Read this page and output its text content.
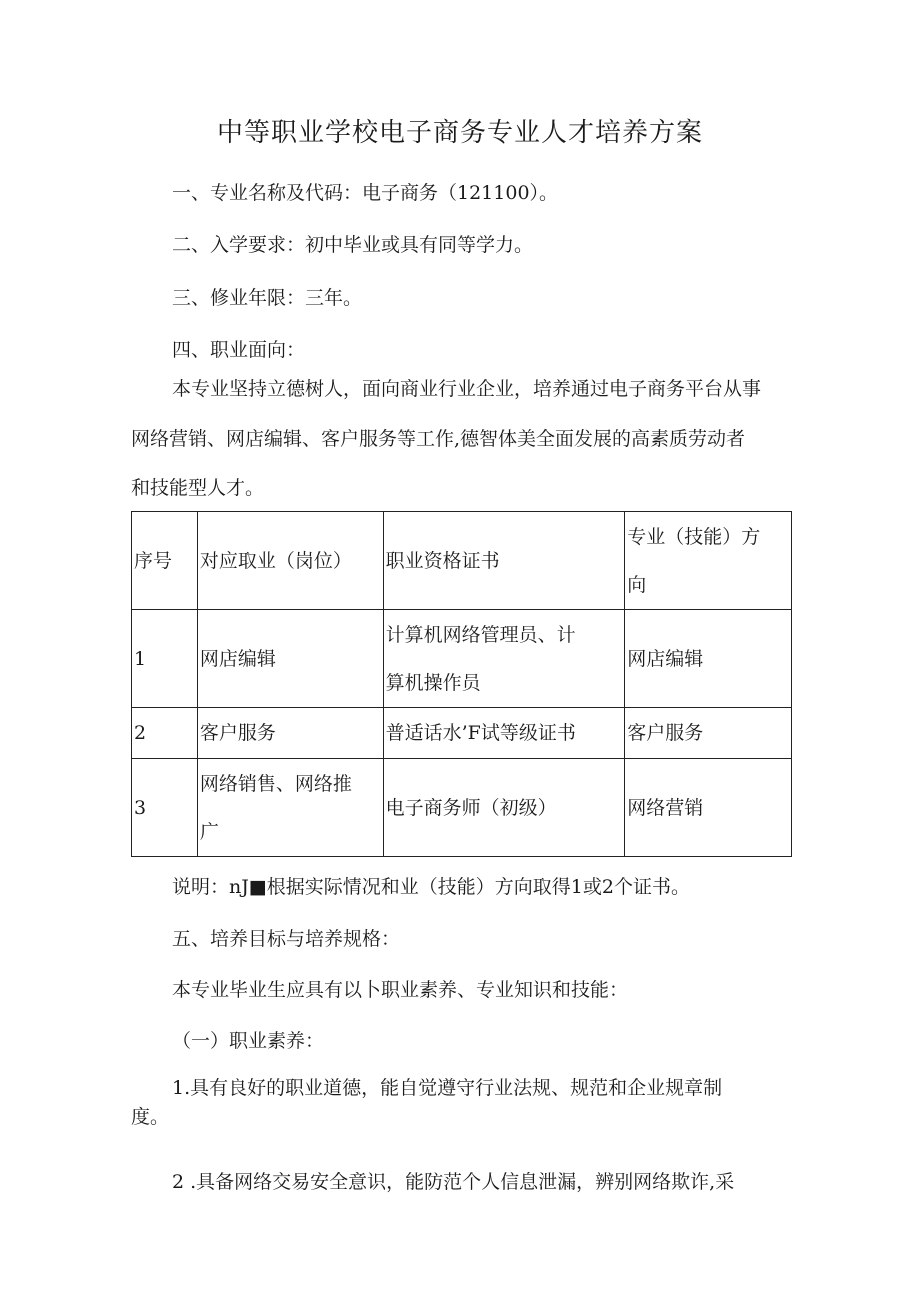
中等职业学校电子商务专业人才培养方案
一、专业名称及代码：电子商务（121100）。
二、入学要求：初中毕业或具有同等学力。
三、修业年限：三年。
四、职业面向：
本专业坚持立德树人，面向商业行业企业，培养通过电子商务平台从事
网络营销、网店编辑、客户服务等工作,德智体美全面发展的高素质劳动者
和技能型人才。
序号	对应取业（岗位）	职业资格证书	专业（技能）方
向

1	网店编辑	计算机网络管理员、计
算机操作员	网店编辑
2	客户服务	普适话水’F试等级证书	客户服务
3	网络销售、网络推
广	电子商务师（初级）	网络营销
说明：nJ■根据实际情况和业（技能）方向取得1或2个证书。
五、培养目标与培养规格：
本专业毕业生应具有以卜职业素养、专业知识和技能：
（一）职业素养：
1.具有良好的职业道德，能自觉遵守行业法规、规范和企业规章制
度。
2 .具备网络交易安全意识，能防范个人信息泄漏，辨别网络欺诈,采
